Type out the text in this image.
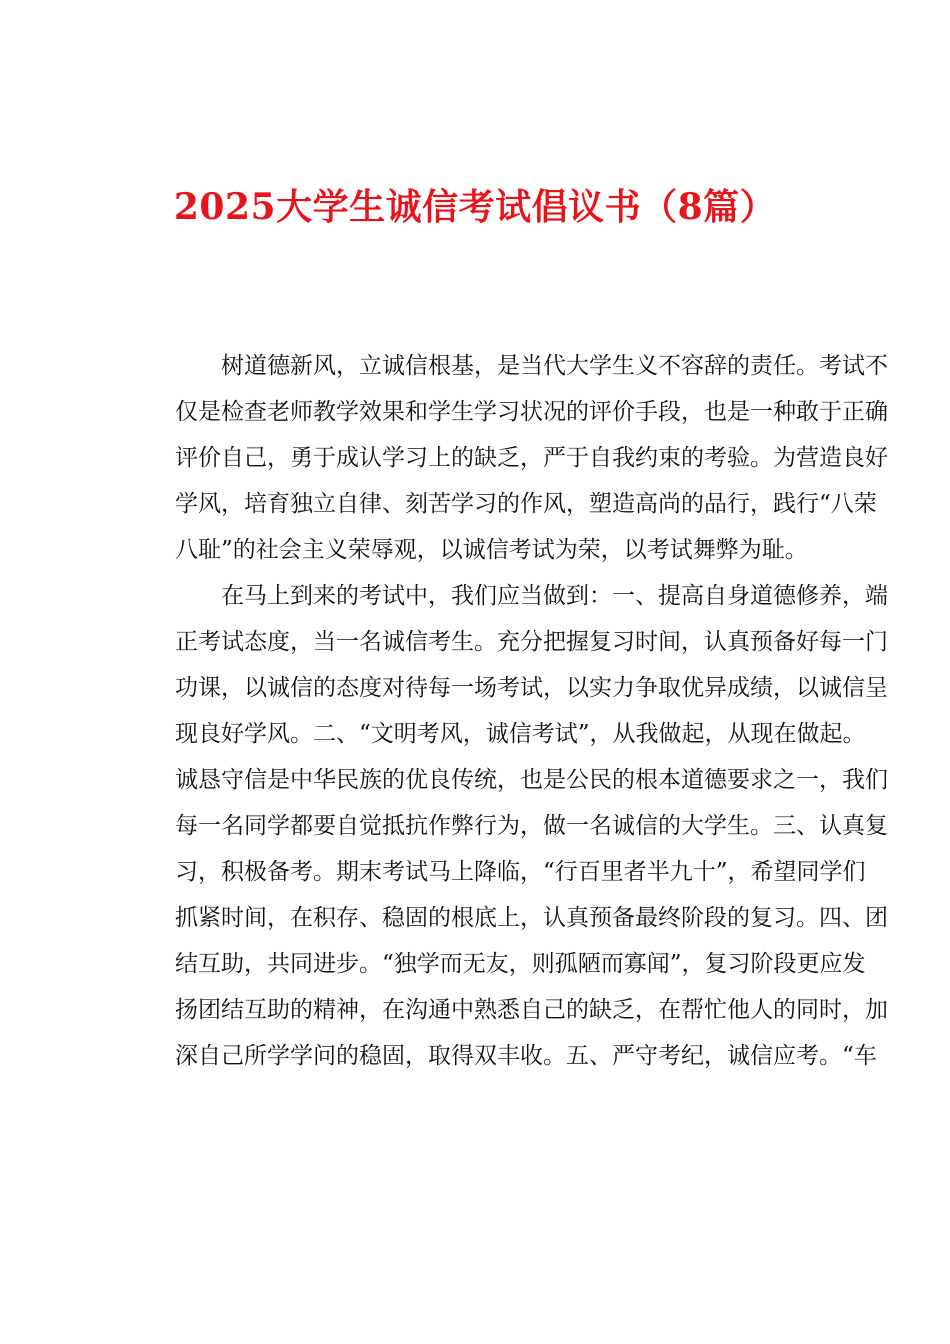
2025大学生诚信考试倡议书（8篇）
树道德新风，立诚信根基，是当代大学生义不容辞的责任。考试不
仅是检查老师教学效果和学生学习状况的评价手段，也是一种敢于正确
评价自己，勇于成认学习上的缺乏，严于自我约束的考验。为营造良好
学风，培育独立自律、刻苦学习的作风，塑造高尚的品行，践行“八荣
八耻”的社会主义荣辱观，以诚信考试为荣，以考试舞弊为耻。
在马上到来的考试中，我们应当做到：一、提高自身道德修养，端
正考试态度，当一名诚信考生。充分把握复习时间，认真预备好每一门
功课，以诚信的态度对待每一场考试，以实力争取优异成绩，以诚信呈
现良好学风。二、“文明考风，诚信考试”，从我做起，从现在做起。
诚恳守信是中华民族的优良传统，也是公民的根本道德要求之一，我们
每一名同学都要自觉抵抗作弊行为，做一名诚信的大学生。三、认真复
习，积极备考。期末考试马上降临，“行百里者半九十”，希望同学们
抓紧时间，在积存、稳固的根底上，认真预备最终阶段的复习。四、团
结互助，共同进步。“独学而无友，则孤陋而寡闻”，复习阶段更应发
扬团结互助的精神，在沟通中熟悉自己的缺乏，在帮忙他人的同时，加
深自己所学学问的稳固，取得双丰收。五、严守考纪，诚信应考。“车
